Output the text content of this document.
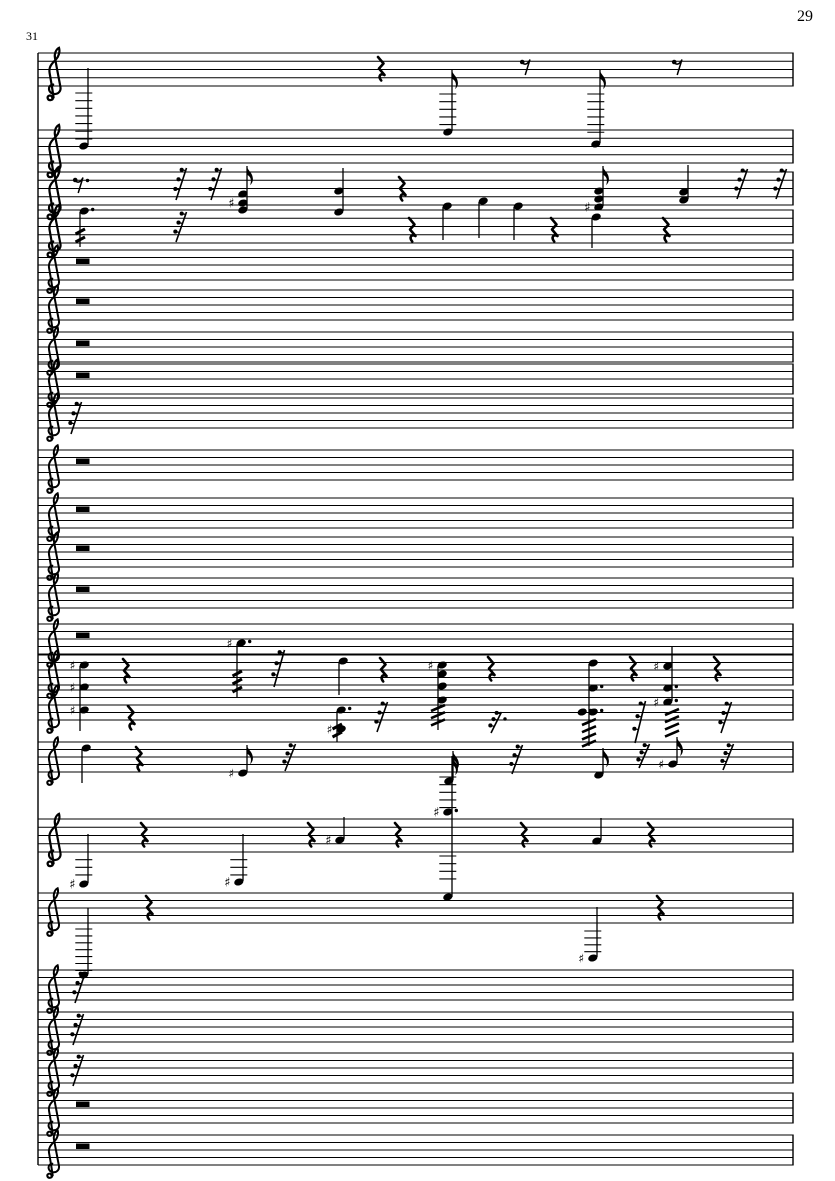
29
31
♯	♯
♯
♯
♯
♯
♯	♯
♯
♯
♯
♯
♯	♯
♯
♯
♯
